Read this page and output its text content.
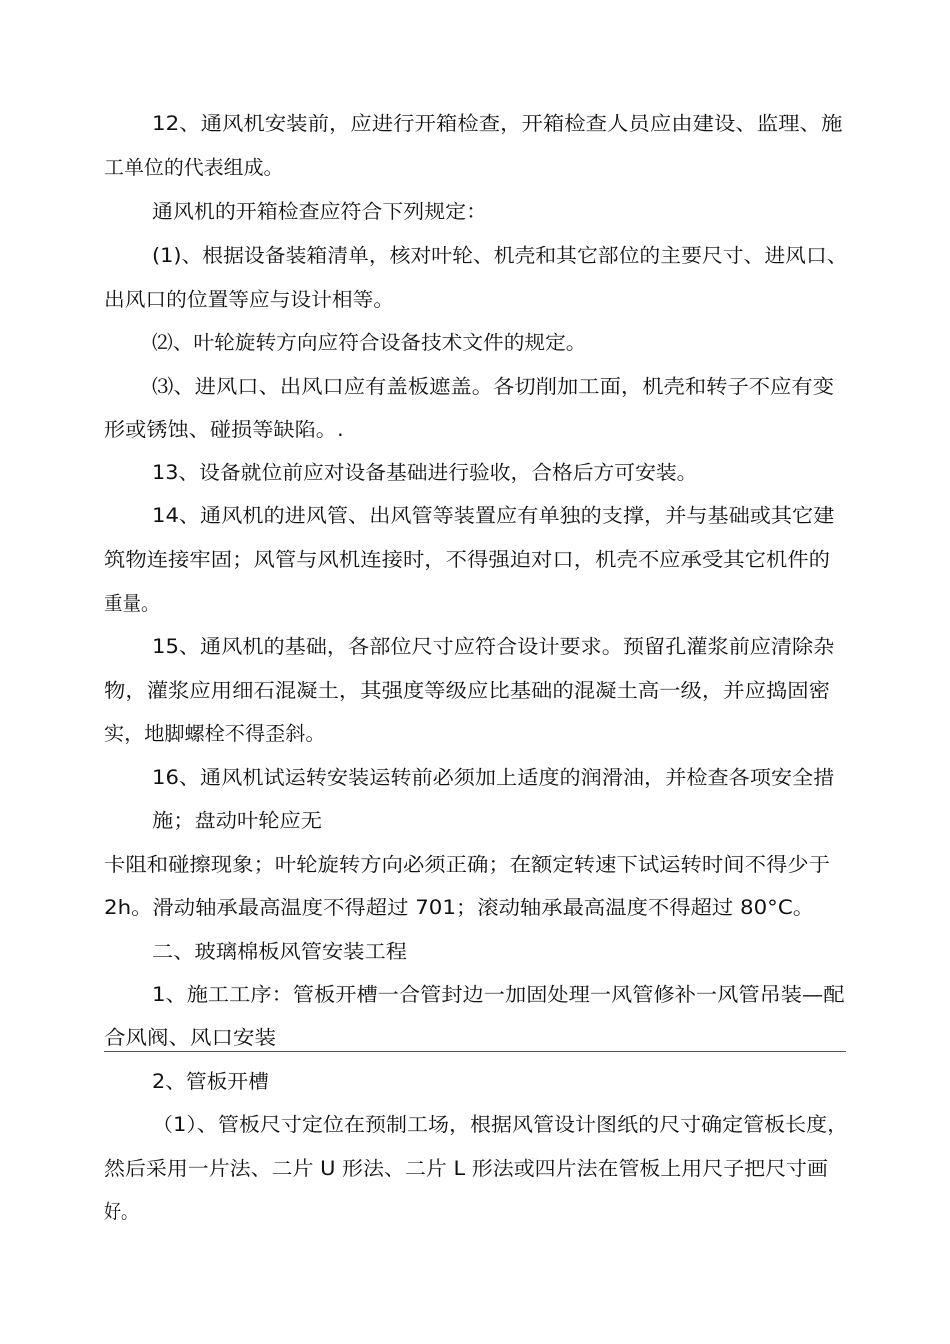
12、通风机安装前，应进行开箱检查，开箱检查人员应由建设、监理、施
工单位的代表组成。
通风机的开箱检查应符合下列规定：
(1)、根据设备装箱清单，核对叶轮、机壳和其它部位的主要尺寸、进风口、
出风口的位置等应与设计相等。
⑵、叶轮旋转方向应符合设备技术文件的规定。
⑶、进风口、出风口应有盖板遮盖。各切削加工面，机壳和转子不应有变
形或锈蚀、碰损等缺陷。.
13、设备就位前应对设备基础进行验收，合格后方可安装。
14、通风机的进风管、出风管等装置应有单独的支撑，并与基础或其它建
筑物连接牢固；风管与风机连接时，不得强迫对口，机壳不应承受其它机件的
重量。
15、通风机的基础，各部位尺寸应符合设计要求。预留孔灌浆前应清除杂
物，灌浆应用细石混凝土，其强度等级应比基础的混凝土高一级，并应捣固密
实，地脚螺栓不得歪斜。
16、通风机试运转安装运转前必须加上适度的润滑油，并检查各项安全措
施；盘动叶轮应无
卡阻和碰擦现象；叶轮旋转方向必须正确；在额定转速下试运转时间不得少于
2h。滑动轴承最高温度不得超过 701；滚动轴承最高温度不得超过 80°C。
二、玻璃棉板风管安装工程
1、施工工序：管板开槽一合管封边一加固处理一风管修补一风管吊装—配
合风阀、风口安装
2、管板开槽
（1）、管板尺寸定位在预制工场，根据风管设计图纸的尺寸确定管板长度，
然后采用一片法、二片 U 形法、二片 L 形法或四片法在管板上用尺子把尺寸画
好。
